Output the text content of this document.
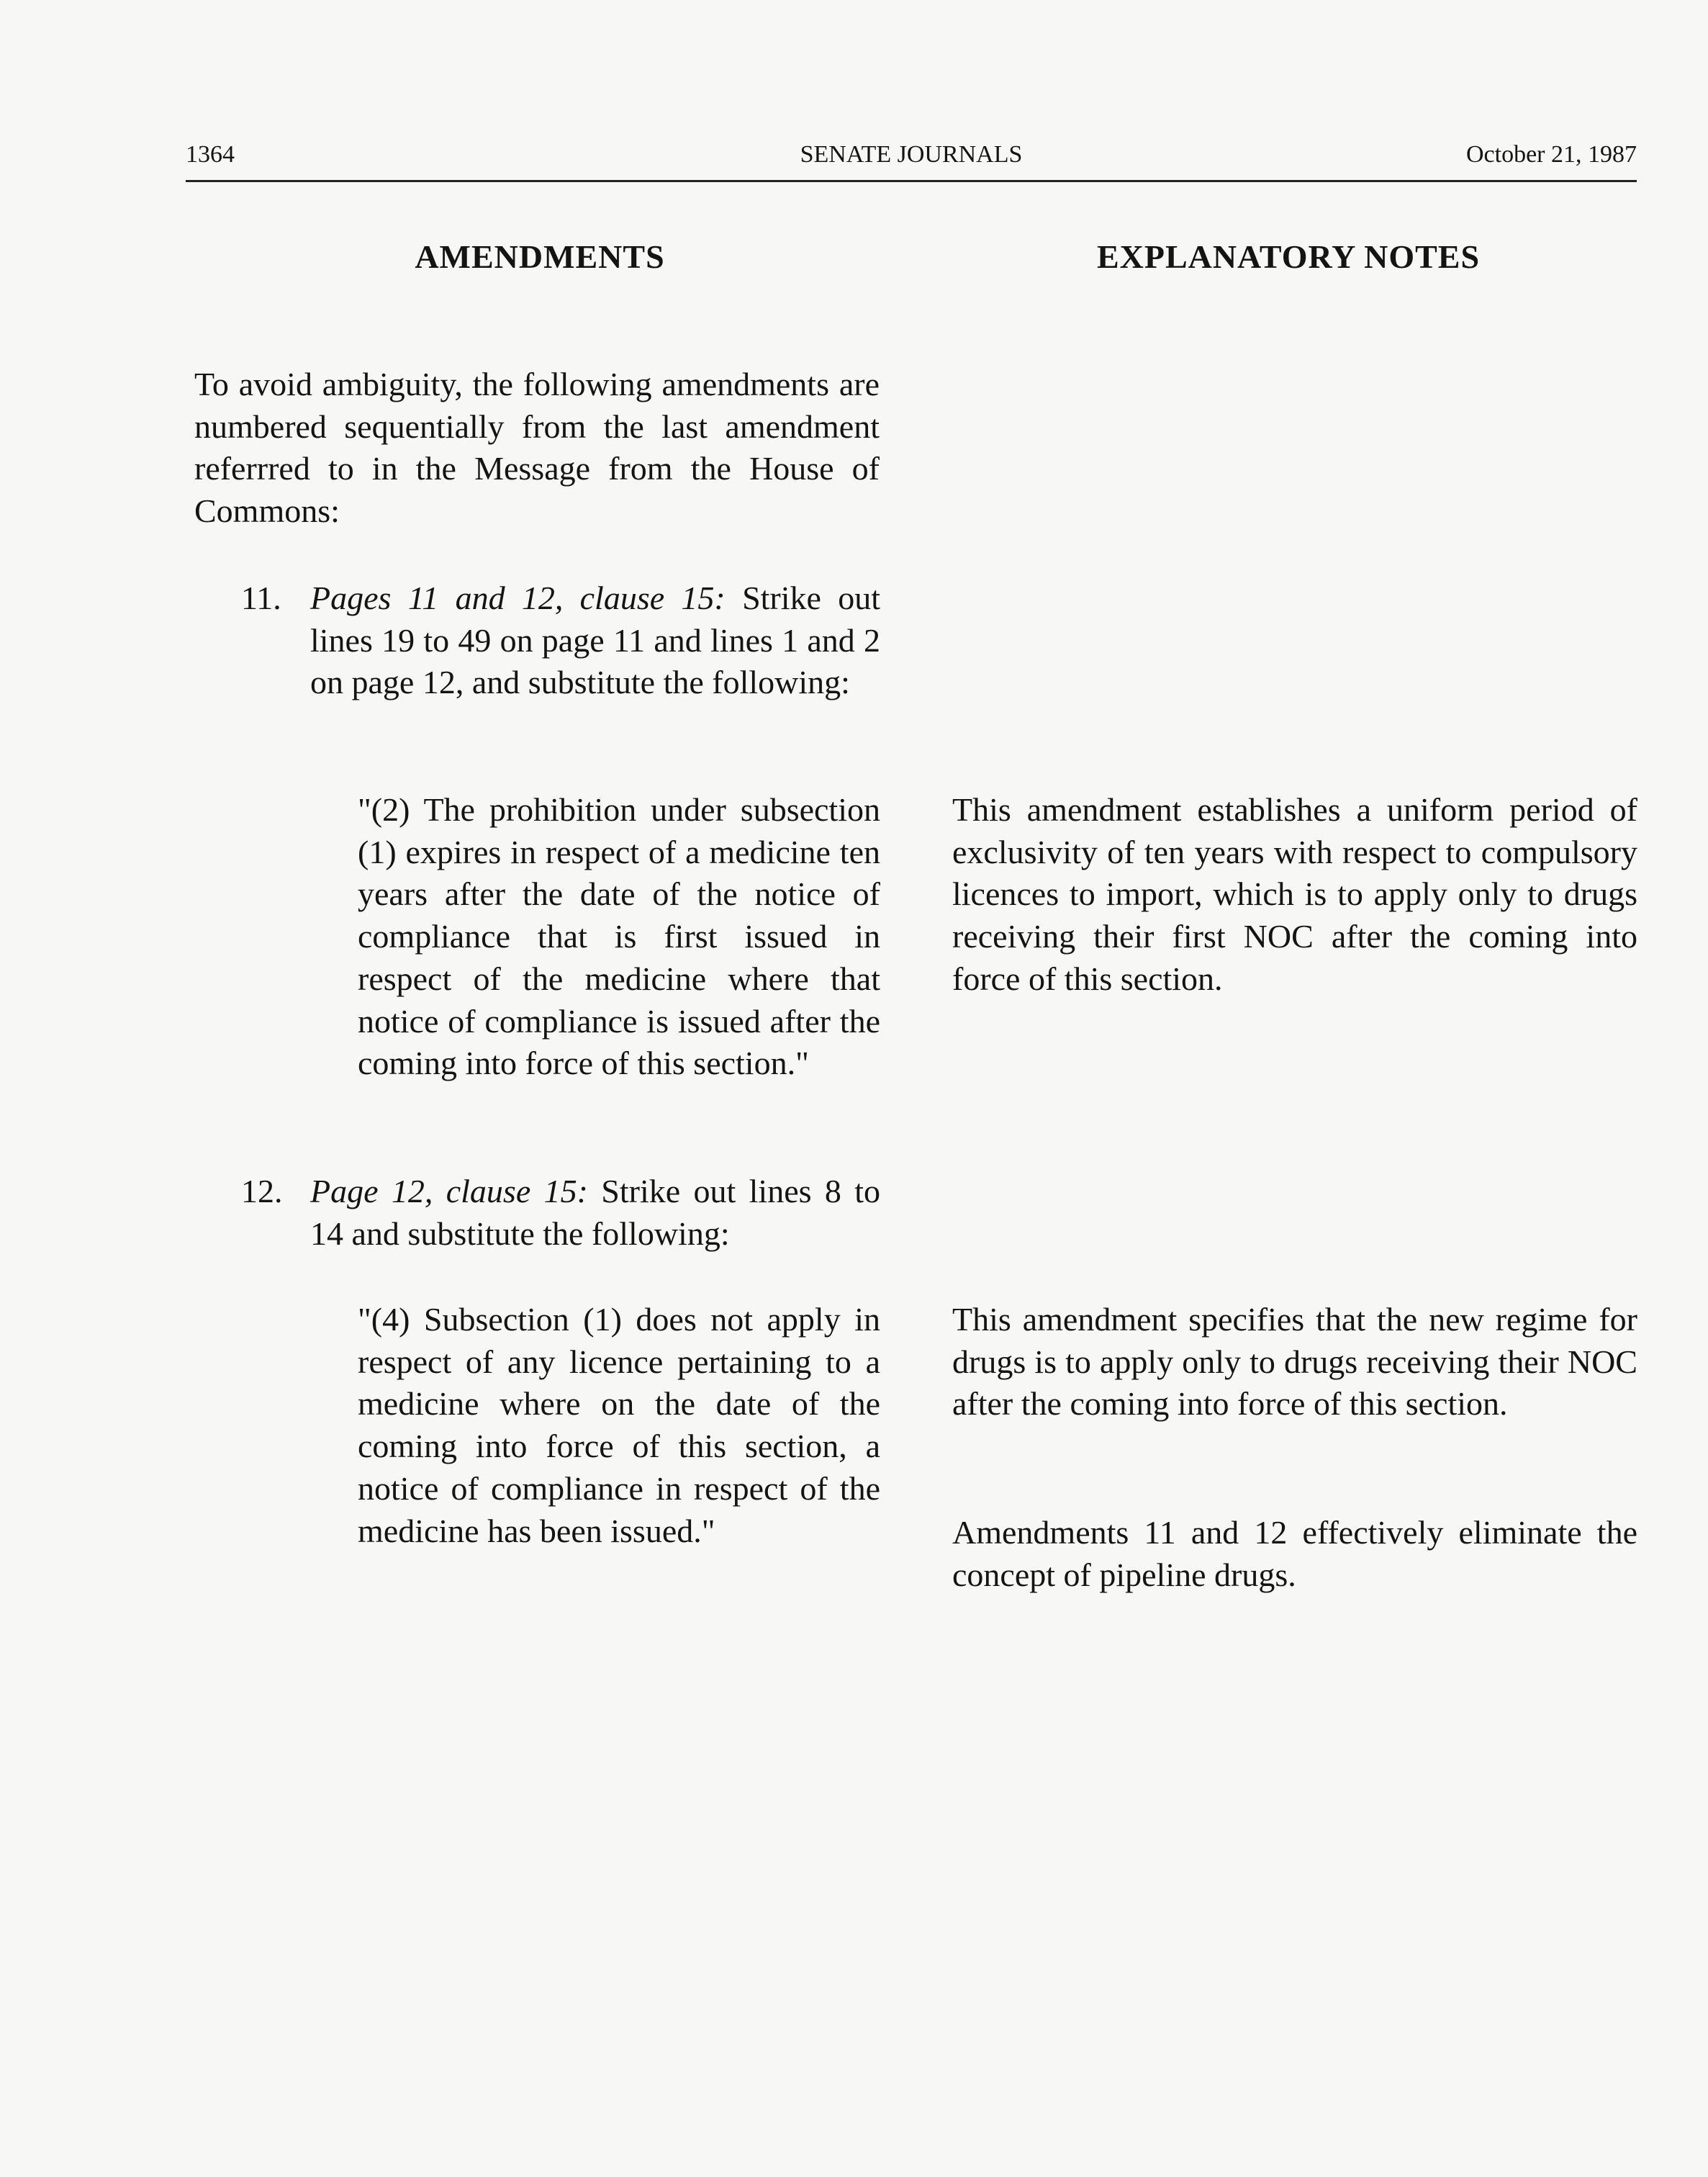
1364	SENATE JOURNALS	October 21, 1987
AMENDMENTS	EXPLANATORY NOTES
To avoid ambiguity, the following amendments are numbered sequentially from the last amendment referrred to in the Message from the House of Commons:
11. Pages 11 and 12, clause 15: Strike out lines 19 to 49 on page 11 and lines 1 and 2 on page 12, and substitute the following:
"(2) The prohibition under subsection (1) expires in respect of a medicine ten years after the date of the notice of compliance that is first issued in respect of the medicine where that notice of compliance is issued after the coming into force of this section."
This amendment establishes a uniform period of exclusivity of ten years with respect to compulsory licences to import, which is to apply only to drugs receiving their first NOC after the coming into force of this section.
12. Page 12, clause 15: Strike out lines 8 to 14 and substitute the following:
"(4) Subsection (1) does not apply in respect of any licence pertaining to a medicine where on the date of the coming into force of this section, a notice of compliance in respect of the medicine has been issued."
This amendment specifies that the new regime for drugs is to apply only to drugs receiving their NOC after the coming into force of this section.
Amendments 11 and 12 effectively eliminate the concept of pipeline drugs.
